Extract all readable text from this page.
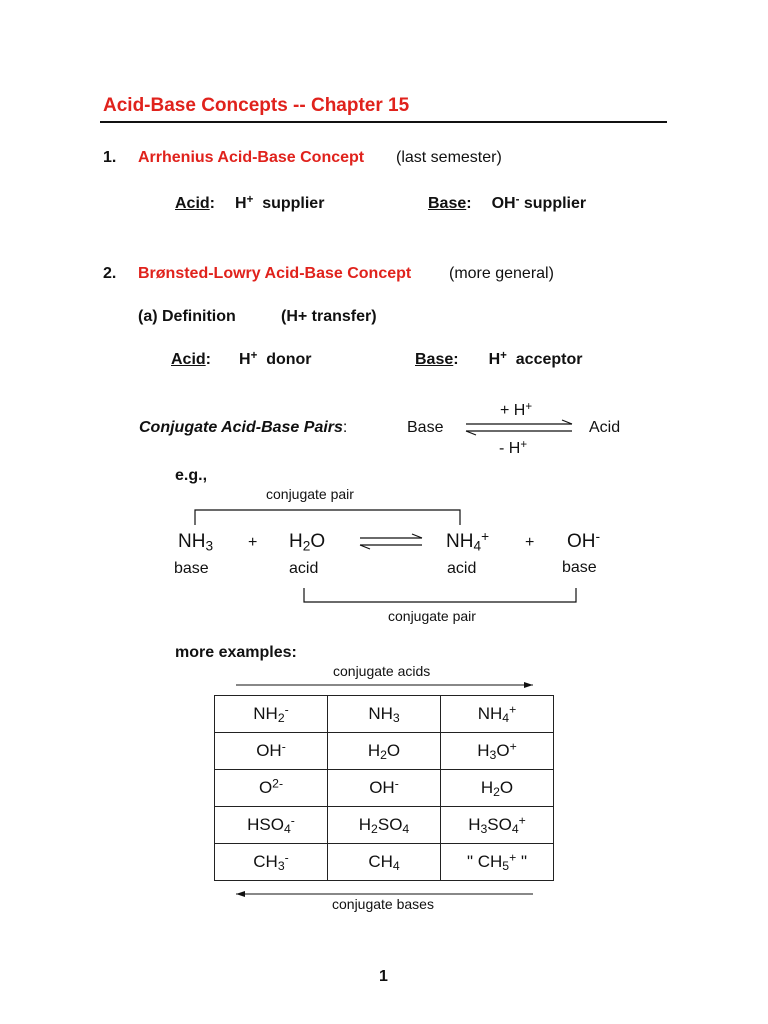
Acid-Base Concepts -- Chapter 15
1. Arrhenius Acid-Base Concept (last semester)
Acid: H+ supplier	Base: OH- supplier
2. Brønsted-Lowry Acid-Base Concept (more general)
(a) Definition	(H+ transfer)
Acid: H+ donor	Base: H+ acceptor
Conjugate Acid-Base Pairs:	Base	Acid
+ H+
- H+
e.g.,
conjugate pair
$NH_3 + H_2O$	$NH_4^+ + OH^-$
base	acid	acid	base
conjugate pair
more examples:
conjugate acids
$NH_2^-$	$NH_3$	$NH_4^+$
OH-	$H_2O$	$H_3O^+$
$O^{2-}$	OH-	$H_2O$
$HSO_4^-$	$H_2SO_4$	$H_3SO_4^+$
$CH_3^-$	$CH_4$	" $CH_5^+$ "
conjugate bases
1
